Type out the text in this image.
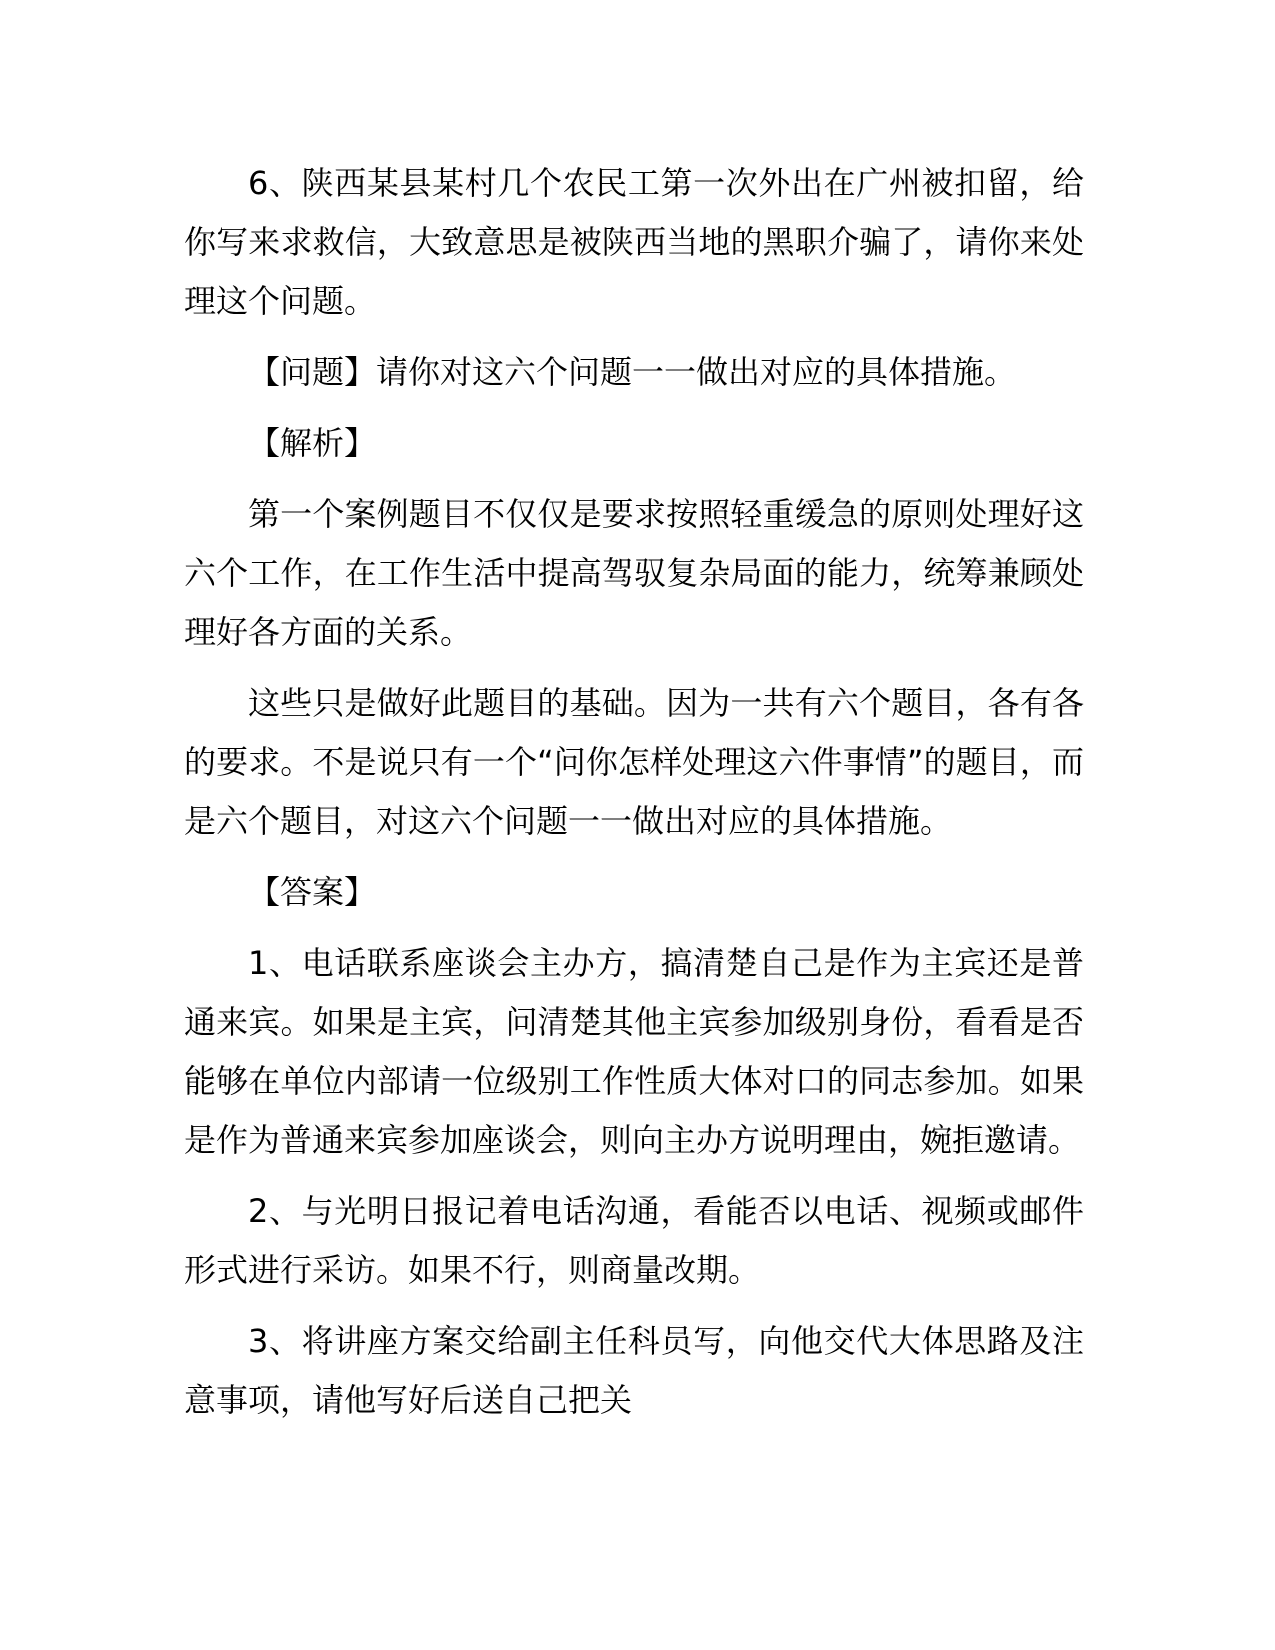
6、陕西某县某村几个农民工第一次外出在广州被扣留，给你写来求救信，大致意思是被陕西当地的黑职介骗了，请你来处理这个问题。

【问题】请你对这六个问题一一做出对应的具体措施。

【解析】

第一个案例题目不仅仅是要求按照轻重缓急的原则处理好这六个工作，在工作生活中提高驾驭复杂局面的能力，统筹兼顾处理好各方面的关系。

这些只是做好此题目的基础。因为一共有六个题目，各有各的要求。不是说只有一个“问你怎样处理这六件事情”的题目，而是六个题目，对这六个问题一一做出对应的具体措施。

【答案】

1、电话联系座谈会主办方，搞清楚自己是作为主宾还是普通来宾。如果是主宾，问清楚其他主宾参加级别身份，看看是否能够在单位内部请一位级别工作性质大体对口的同志参加。如果是作为普通来宾参加座谈会，则向主办方说明理由，婉拒邀请。

2、与光明日报记着电话沟通，看能否以电话、视频或邮件形式进行采访。如果不行，则商量改期。

3、将讲座方案交给副主任科员写，向他交代大体思路及注意事项，请他写好后送自己把关
